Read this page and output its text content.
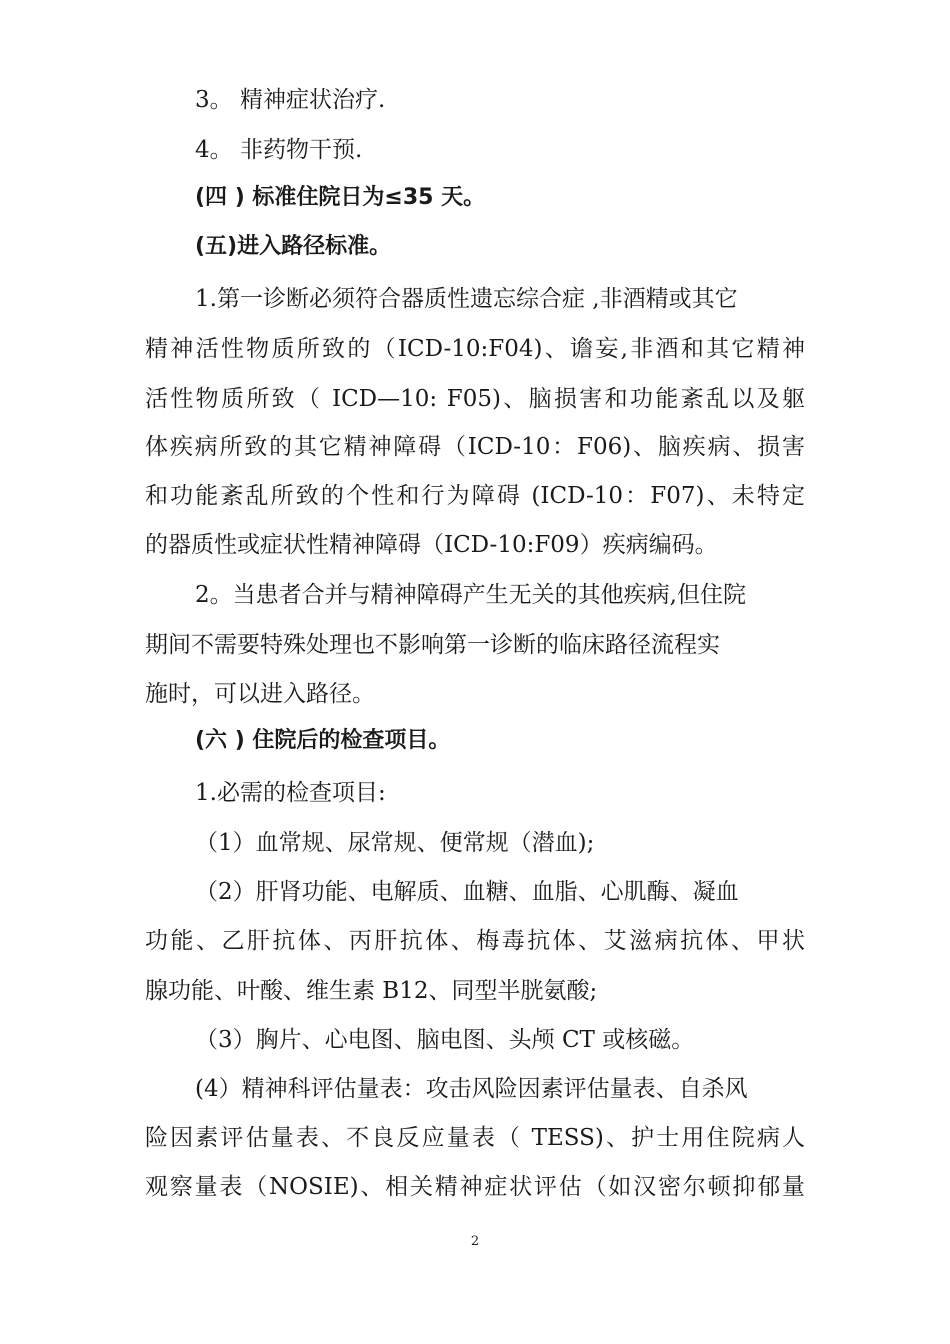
3。 精神症状治疗.
4。 非药物干预.
(四 ) 标准住院日为≤35 天。
(五)进入路径标准。
1.第一诊断必须符合器质性遗忘综合症 ,非酒精或其它
精神活性物质所致的（ICD-10:F04)、谵妄,非酒和其它精神
活性物质所致（ ICD—10: F05)、脑损害和功能紊乱以及躯
体疾病所致的其它精神障碍（ICD-10：F06)、脑疾病、损害
和功能紊乱所致的个性和行为障碍 (ICD-10：F07)、未特定
的器质性或症状性精神障碍（ICD-10:F09）疾病编码。
2。当患者合并与精神障碍产生无关的其他疾病,但住院
期间不需要特殊处理也不影响第一诊断的临床路径流程实
施时，可以进入路径。
(六 ) 住院后的检查项目。
1.必需的检查项目:
（1）血常规、尿常规、便常规（潜血);
（2）肝肾功能、电解质、血糖、血脂、心肌酶、凝血
功能、乙肝抗体、丙肝抗体、梅毒抗体、艾滋病抗体、甲状
腺功能、叶酸、维生素 B12、同型半胱氨酸;
（3）胸片、心电图、脑电图、头颅 CT 或核磁。
(4）精神科评估量表：攻击风险因素评估量表、自杀风
险因素评估量表、不良反应量表（ TESS)、护士用住院病人
观察量表（NOSIE)、相关精神症状评估（如汉密尔顿抑郁量
2
